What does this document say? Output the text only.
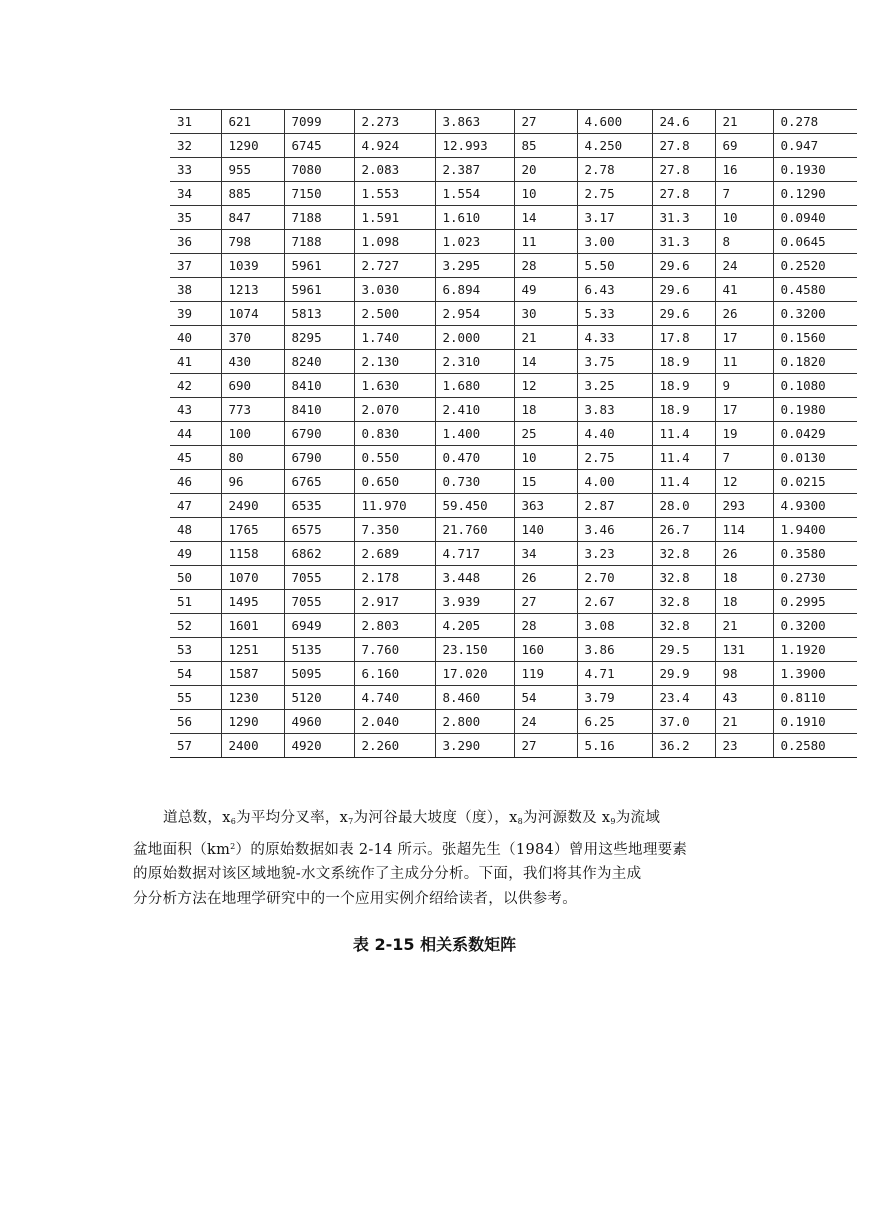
31	621	7099	2.273	3.863	27	4.600	24.6	21	0.278
32	1290	6745	4.924	12.993	85	4.250	27.8	69	0.947
33	955	7080	2.083	2.387	20	2.78	27.8	16	0.1930
34	885	7150	1.553	1.554	10	2.75	27.8	7	0.1290
35	847	7188	1.591	1.610	14	3.17	31.3	10	0.0940
36	798	7188	1.098	1.023	11	3.00	31.3	8	0.0645
37	1039	5961	2.727	3.295	28	5.50	29.6	24	0.2520
38	1213	5961	3.030	6.894	49	6.43	29.6	41	0.4580
39	1074	5813	2.500	2.954	30	5.33	29.6	26	0.3200
40	370	8295	1.740	2.000	21	4.33	17.8	17	0.1560
41	430	8240	2.130	2.310	14	3.75	18.9	11	0.1820
42	690	8410	1.630	1.680	12	3.25	18.9	9	0.1080
43	773	8410	2.070	2.410	18	3.83	18.9	17	0.1980
44	100	6790	0.830	1.400	25	4.40	11.4	19	0.0429
45	80	6790	0.550	0.470	10	2.75	11.4	7	0.0130
46	96	6765	0.650	0.730	15	4.00	11.4	12	0.0215
47	2490	6535	11.970	59.450	363	2.87	28.0	293	4.9300
48	1765	6575	7.350	21.760	140	3.46	26.7	114	1.9400
49	1158	6862	2.689	4.717	34	3.23	32.8	26	0.3580
50	1070	7055	2.178	3.448	26	2.70	32.8	18	0.2730
51	1495	7055	2.917	3.939	27	2.67	32.8	18	0.2995
52	1601	6949	2.803	4.205	28	3.08	32.8	21	0.3200
53	1251	5135	7.760	23.150	160	3.86	29.5	131	1.1920
54	1587	5095	6.160	17.020	119	4.71	29.9	98	1.3900
55	1230	5120	4.740	8.460	54	3.79	23.4	43	0.8110
56	1290	4960	2.040	2.800	24	6.25	37.0	21	0.1910
57	2400	4920	2.260	3.290	27	5.16	36.2	23	0.2580

道总数，$x_6$为平均分叉率，$x_7$为河谷最大坡度（度），$x_8$为河源数及 $x_9$为流域

盆地面积$(km^2)$的原始数据如表 2-14 所示。张超先生（1984）曾用这些地理要素

的原始数据对该区域地貌-水文系统作了主成分分析。下面，我们将其作为主成

分分析方法在地理学研究中的一个应用实例介绍给读者，以供参考。

表 2-15 相关系数矩阵
